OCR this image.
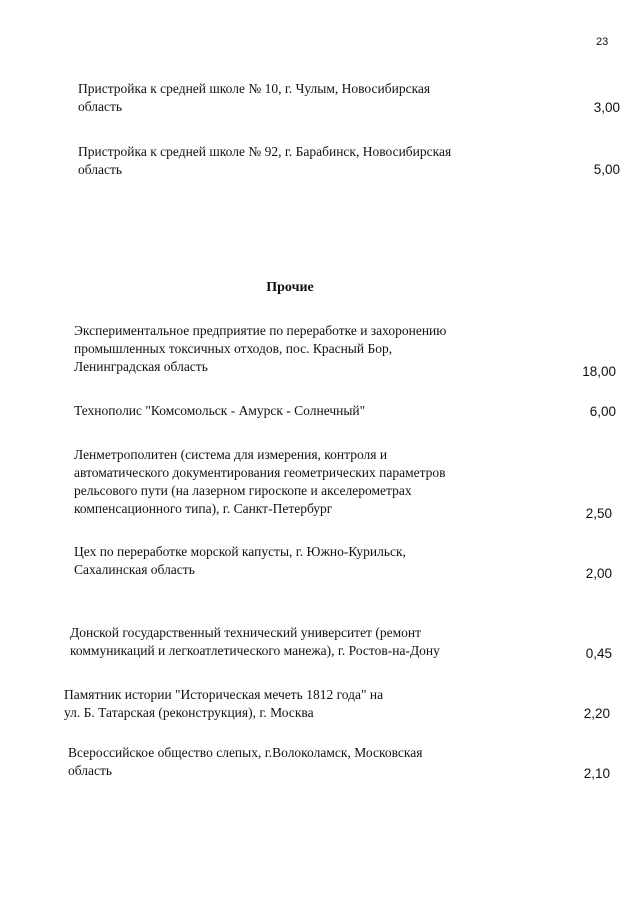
23
Пристройка к средней школе № 10, г. Чулым, Новосибирская
область	3,00
Пристройка к средней школе № 92, г. Барабинск, Новосибирская
область	5,00
Прочие
Экспериментальное предприятие по переработке и захоронению
промышленных токсичных отходов, пос. Красный Бор,
Ленинградская область	18,00
Технополис "Комсомольск - Амурск - Солнечный"	6,00
Ленметрополитен (система для измерения, контроля и
автоматического документирования геометрических параметров
рельсового пути (на лазерном гироскопе и акселерометрах
компенсационного типа), г. Санкт-Петербург	2,50
Цех по переработке морской капусты, г. Южно-Курильск,
Сахалинская область	2,00
Донской государственный технический университет (ремонт
коммуникаций и легкоатлетического манежа), г. Ростов-на-Дону	0,45
Памятник истории "Историческая мечеть 1812 года" на
ул. Б. Татарская (реконструкция), г. Москва	2,20
Всероссийское общество слепых, г.Волоколамск, Московская
область	2,10
